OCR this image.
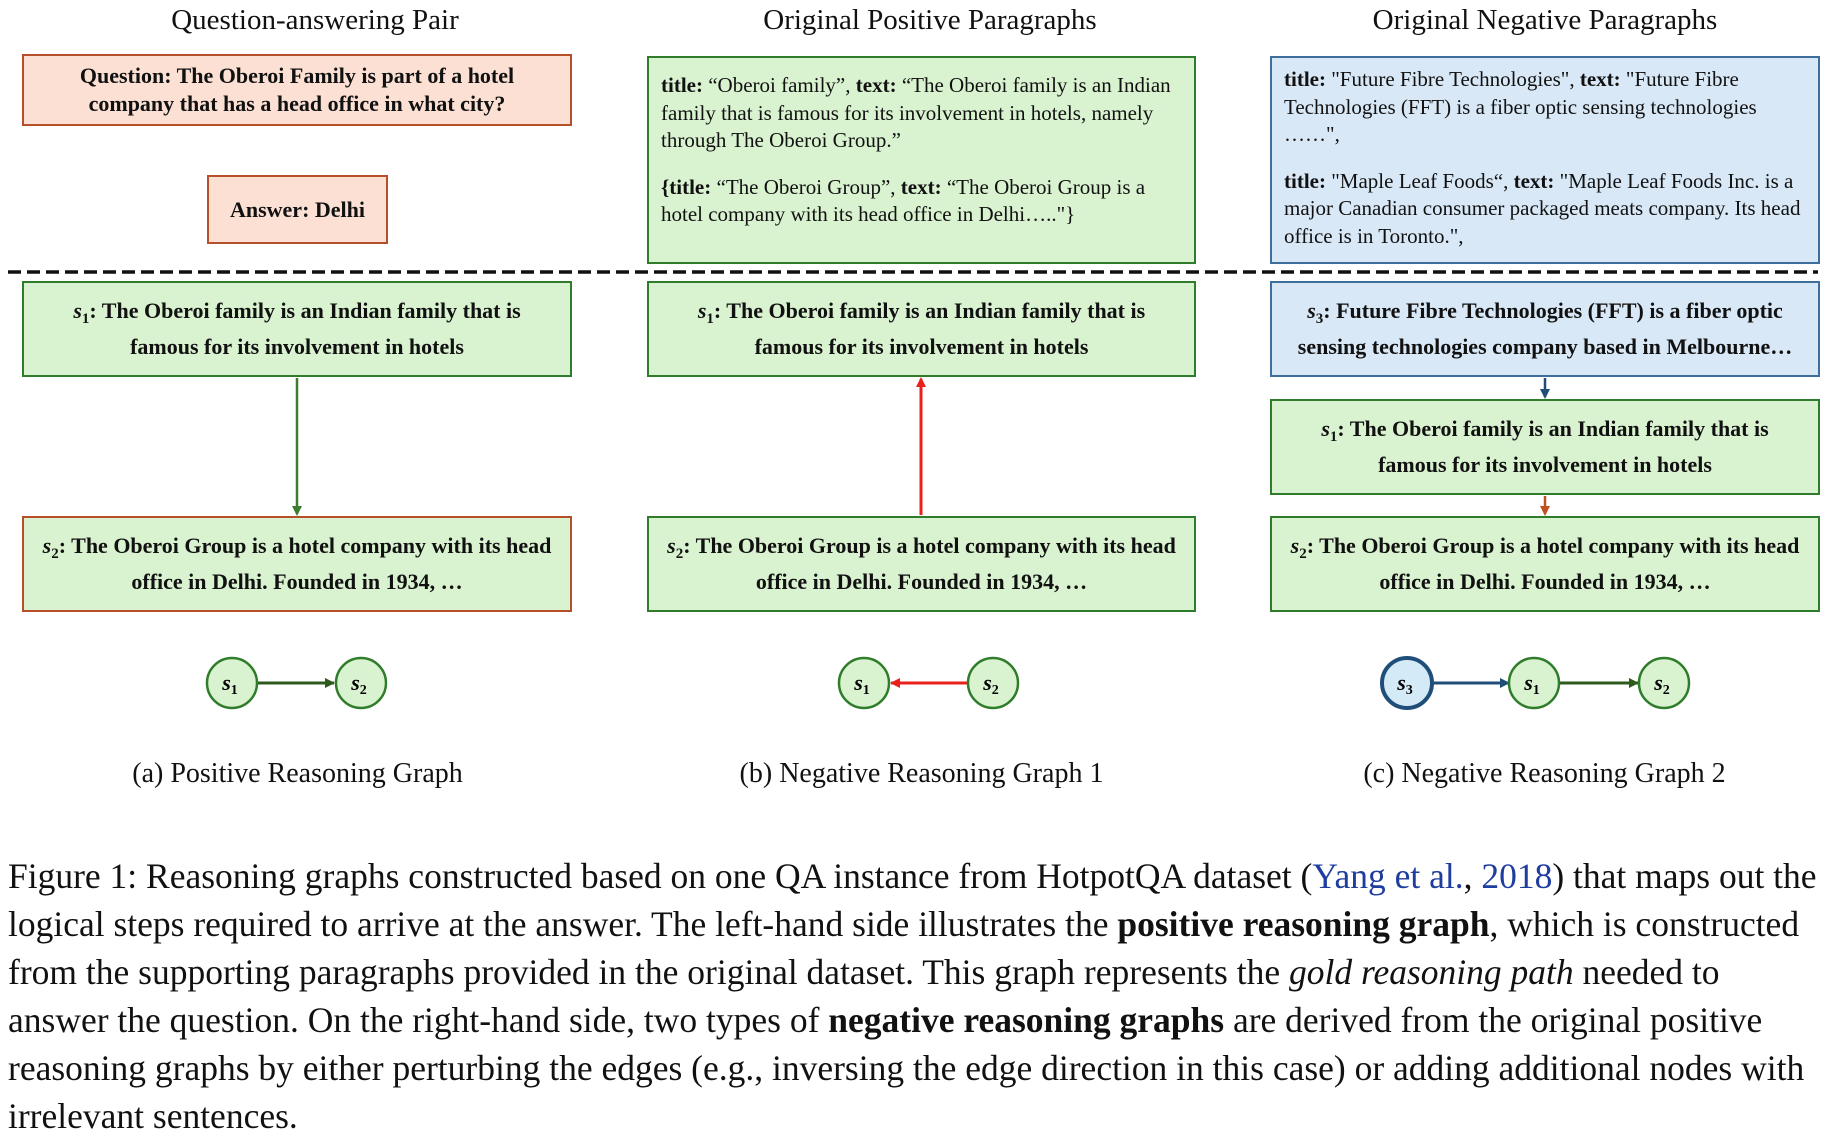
Question-answering Pair	Original Positive Paragraphs	Original Negative Paragraphs
Question: The Oberoi Family is part of a hotel company that has a head office in what city?
Answer: Delhi

title: “Oberoi family”, text: “The Oberoi family is an Indian family that is famous for its involvement in hotels, namely through The Oberoi Group.”

{title: “The Oberoi Group”, text: “The Oberoi Group is a hotel company with its head office in Delhi….."}

title: "Future Fibre Technologies", text: "Future Fibre Technologies (FFT) is a fiber optic sensing technologies ……",

title: "Maple Leaf Foods“, text: "Maple Leaf Foods Inc. is a major Canadian consumer packaged meats company. Its head office is in Toronto.",

$s_1$: The Oberoi family is an Indian family that is famous for its involvement in hotels
$s_2$: The Oberoi Group is a hotel company with its head office in Delhi. Founded in 1934, …
$s_1$: The Oberoi family is an Indian family that is famous for its involvement in hotels
$s_2$: The Oberoi Group is a hotel company with its head office in Delhi. Founded in 1934, …
$s_3$: Future Fibre Technologies (FFT) is a fiber optic sensing technologies company based in Melbourne…
$s_1$: The Oberoi family is an Indian family that is famous for its involvement in hotels
$s_2$: The Oberoi Group is a hotel company with its head office in Delhi. Founded in 1934, …
s1	s2	s1	s2	s3	s1	s2
(a) Positive Reasoning Graph	(b) Negative Reasoning Graph 1	(c) Negative Reasoning Graph 2
Figure 1: Reasoning graphs constructed based on one QA instance from HotpotQA dataset (Yang et al., 2018) that maps out the logical steps required to arrive at the answer. The left-hand side illustrates the positive reasoning graph, which is constructed from the supporting paragraphs provided in the original dataset. This graph represents the gold reasoning path needed to answer the question. On the right-hand side, two types of negative reasoning graphs are derived from the original positive reasoning graphs by either perturbing the edges (e.g., inversing the edge direction in this case) or adding additional nodes with irrelevant sentences.
